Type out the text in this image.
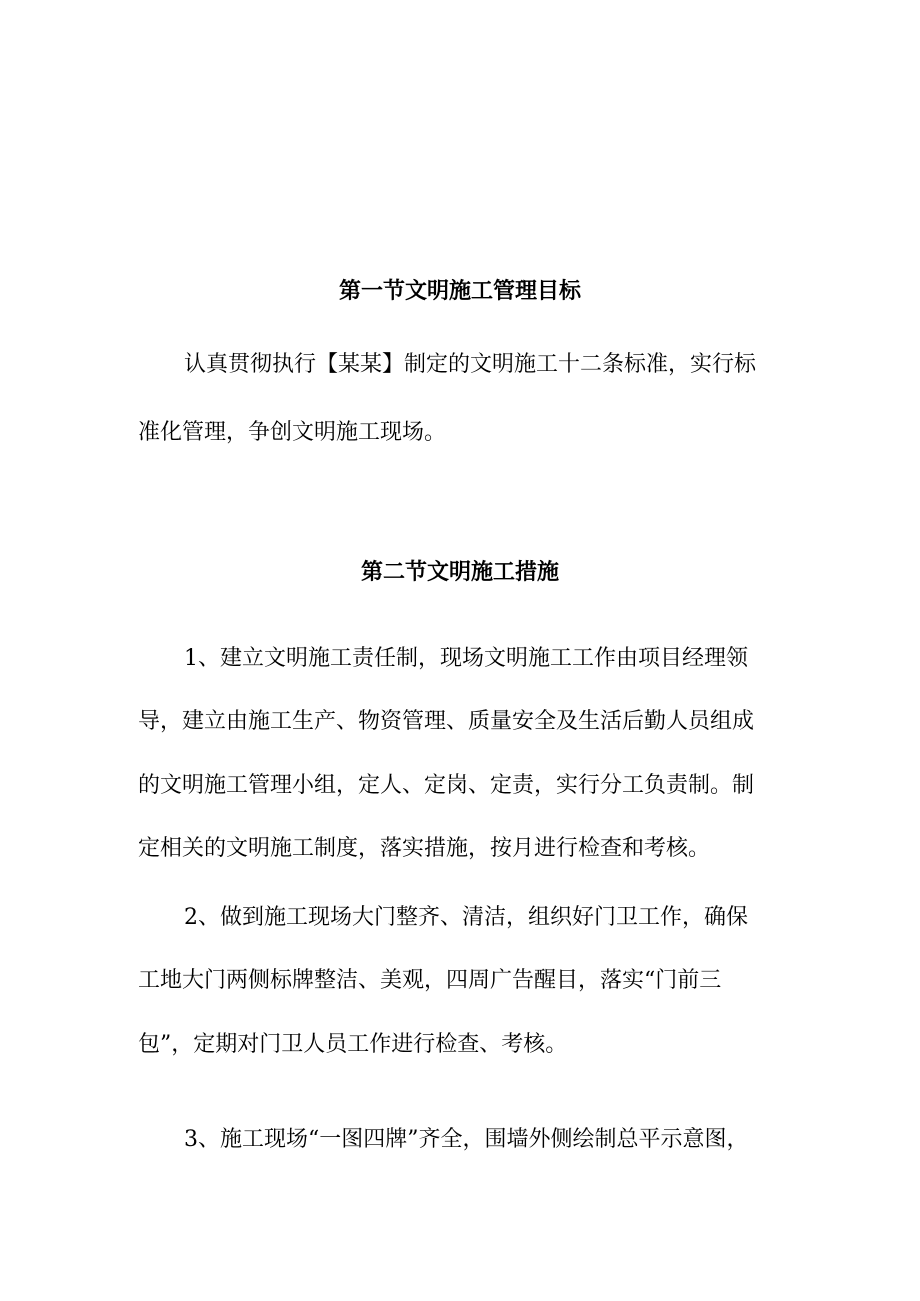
第一节文明施工管理目标
认真贯彻执行【某某】制定的文明施工十二条标准，实行标
准化管理，争创文明施工现场。
第二节文明施工措施
1、建立文明施工责任制，现场文明施工工作由项目经理领
导，建立由施工生产、物资管理、质量安全及生活后勤人员组成
的文明施工管理小组，定人、定岗、定责，实行分工负责制。制
定相关的文明施工制度，落实措施，按月进行检查和考核。
2、做到施工现场大门整齐、清洁，组织好门卫工作，确保
工地大门两侧标牌整洁、美观，四周广告醒目，落实“门前三
包”，定期对门卫人员工作进行检查、考核。
3、施工现场“一图四牌”齐全，围墙外侧绘制总平示意图，
